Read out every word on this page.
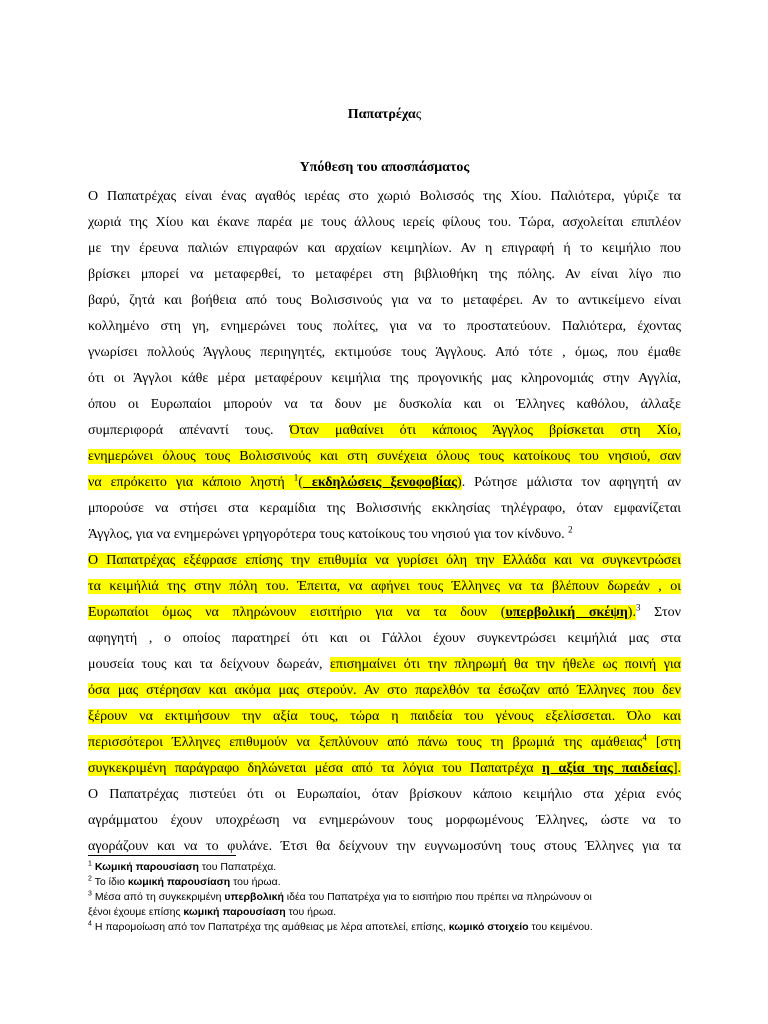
Παπατρέχας
Υπόθεση του αποσπάσματος
Ο Παπατρέχας είναι ένας αγαθός ιερέας στο χωριό Βολισσός της Χίου. Παλιότερα, γύριζε τα
χωριά της Χίου και έκανε παρέα με τους άλλους ιερείς φίλους του. Τώρα, ασχολείται επιπλέον
με την έρευνα παλιών επιγραφών και αρχαίων κειμηλίων. Αν η επιγραφή ή το κειμήλιο που
βρίσκει μπορεί να μεταφερθεί, το μεταφέρει στη βιβλιοθήκη της πόλης. Αν είναι λίγο πιο
βαρύ, ζητά και βοήθεια από τους Βολισσινούς για να το μεταφέρει. Αν το αντικείμενο είναι
κολλημένο στη γη, ενημερώνει τους πολίτες, για να το προστατεύουν. Παλιότερα, έχοντας
γνωρίσει πολλούς Άγγλους περιηγητές, εκτιμούσε τους Άγγλους. Από τότε , όμως, που έμαθε
ότι οι Άγγλοι κάθε μέρα μεταφέρουν κειμήλια της προγονικής μας κληρονομιάς στην Αγγλία,
όπου οι Ευρωπαίοι μπορούν να τα δουν με δυσκολία και οι Έλληνες καθόλου, άλλαξε
συμπεριφορά απέναντί τους. Όταν μαθαίνει ότι κάποιος Άγγλος βρίσκεται στη Χίο,
ενημερώνει όλους τους Βολισσινούς και στη συνέχεια όλους τους κατοίκους του νησιού, σαν
να επρόκειτο για κάποιο ληστή $^1$( εκδηλώσεις ξενοφοβίας). Ρώτησε μάλιστα τον αφηγητή αν
μπορούσε να στήσει στα κεραμίδια της Βολισσινής εκκλησίας τηλέγραφο, όταν εμφανίζεται
Άγγλος, για να ενημερώνει γρηγορότερα τους κατοίκους του νησιού για τον κίνδυνο. $^2$
Ο Παπατρέχας εξέφρασε επίσης την επιθυμία να γυρίσει όλη την Ελλάδα και να συγκεντρώσει
τα κειμήλιά της στην πόλη του. Έπειτα, να αφήνει τους Έλληνες να τα βλέπουν δωρεάν , οι
Ευρωπαίοι όμως να πληρώνουν εισιτήριο για να τα δουν (υπερβολική σκέψη).$^3$ Στον
αφηγητή , ο οποίος παρατηρεί ότι και οι Γάλλοι έχουν συγκεντρώσει κειμήλιά μας στα
μουσεία τους και τα δείχνουν δωρεάν, επισημαίνει ότι την πληρωμή θα την ήθελε ως ποινή για
όσα μας στέρησαν και ακόμα μας στερούν. Αν στο παρελθόν τα έσωζαν από Έλληνες που δεν
ξέρουν να εκτιμήσουν την αξία τους, τώρα η παιδεία του γένους εξελίσσεται. Όλο και
περισσότεροι Έλληνες επιθυμούν να ξεπλύνουν από πάνω τους τη βρωμιά της αμάθειας$^4$ [στη
συγκεκριμένη παράγραφο δηλώνεται μέσα από τα λόγια του Παπατρέχα η αξία της παιδείας].
Ο Παπατρέχας πιστεύει ότι οι Ευρωπαίοι, όταν βρίσκουν κάποιο κειμήλιο στα χέρια ενός
αγράμματου έχουν υποχρέωση να ενημερώνουν τους μορφωμένους Έλληνες, ώστε να το
αγοράζουν και να το φυλάνε. Έτσι θα δείχνουν την ευγνωμοσύνη τους στους Έλληνες για τα
$^1$ Κωμική παρουσίαση του Παπατρέχα.
$^2$ Το ίδιο κωμική παρουσίαση του ήρωα.
$^3$ Μέσα από τη συγκεκριμένη υπερβολική ιδέα του Παπατρέχα για το εισιτήριο που πρέπει να πληρώνουν οι
ξένοι έχουμε επίσης κωμική παρουσίαση του ήρωα.
$^4$ Η παρομοίωση από τον Παπατρέχα της αμάθειας με λέρα αποτελεί, επίσης, κωμικό στοιχείο του κειμένου.
